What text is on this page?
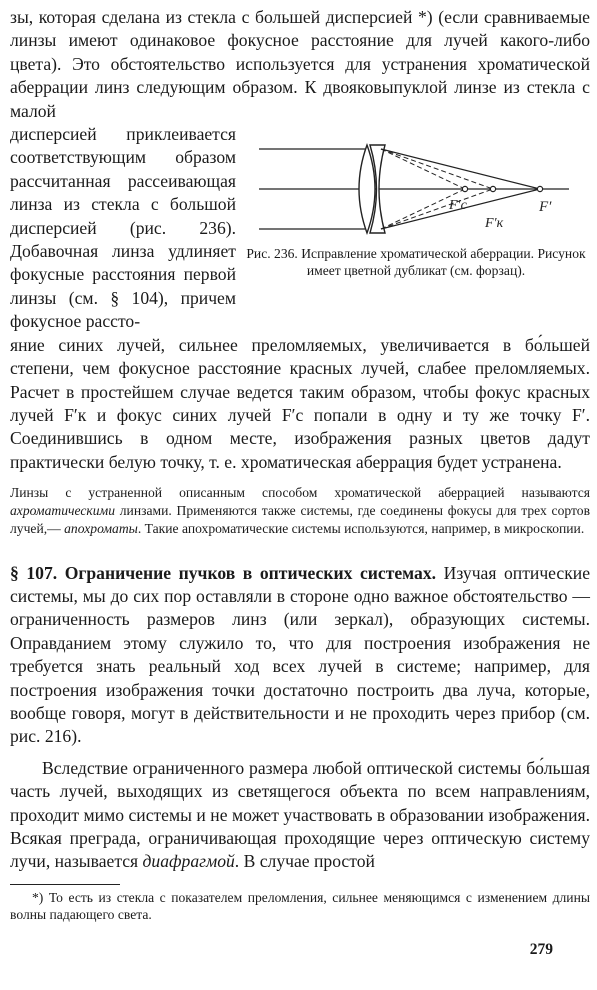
зы, которая сделана из стекла с большей дисперсией *) (если сравниваемые линзы имеют одинаковое фокусное расстояние для лучей какого-либо цвета). Это обстоятельство используется для устранения хроматической аберрации линз следующим образом. К двояковыпуклой линзе из стекла с малой

дисперсией приклеивается соответствующим образом рассчитанная рассеивающая линза из стекла с большой дисперсией (рис. 236). Добавочная линза удлиняет фокусные расстояния первой линзы (см. § 104), причем фокусное рассто-

F′c
F′к
F′

Рис. 236. Исправление хроматической аберрации. Рисунок имеет цветной дубликат (см. форзац).

яние синих лучей, сильнее преломляемых, увеличивается в бо́льшей степени, чем фокусное расстояние красных лучей, слабее преломляемых. Расчет в простейшем случае ведется таким образом, чтобы фокус красных лучей F′к и фокус синих лучей F′с попали в одну и ту же точку F′. Соединившись в одном месте, изображения разных цветов дадут практически белую точку, т. е. хроматическая аберрация будет устранена.

Линзы с устраненной описанным способом хроматической аберрацией называются ахроматическими линзами. Применяются также системы, где соединены фокусы для трех сортов лучей,— апохроматы. Такие апохроматические системы используются, например, в микроскопии.

§ 107. Ограничение пучков в оптических системах. Изучая оптические системы, мы до сих пор оставляли в стороне одно важное обстоятельство — ограниченность размеров линз (или зеркал), образующих системы. Оправданием этому служило то, что для построения изображения не требуется знать реальный ход всех лучей в системе; например, для построения изображения точки достаточно построить два луча, которые, вообще говоря, могут в действительности и не проходить через прибор (см. рис. 216).

Вследствие ограниченного размера любой оптической системы бо́льшая часть лучей, выходящих из светящегося объекта по всем направлениям, проходит мимо системы и не может участвовать в образовании изображения. Всякая преграда, ограничивающая проходящие через оптическую систему лучи, называется диафрагмой. В случае простой

*) То есть из стекла с показателем преломления, сильнее меняющимся с изменением длины волны падающего света.

279
